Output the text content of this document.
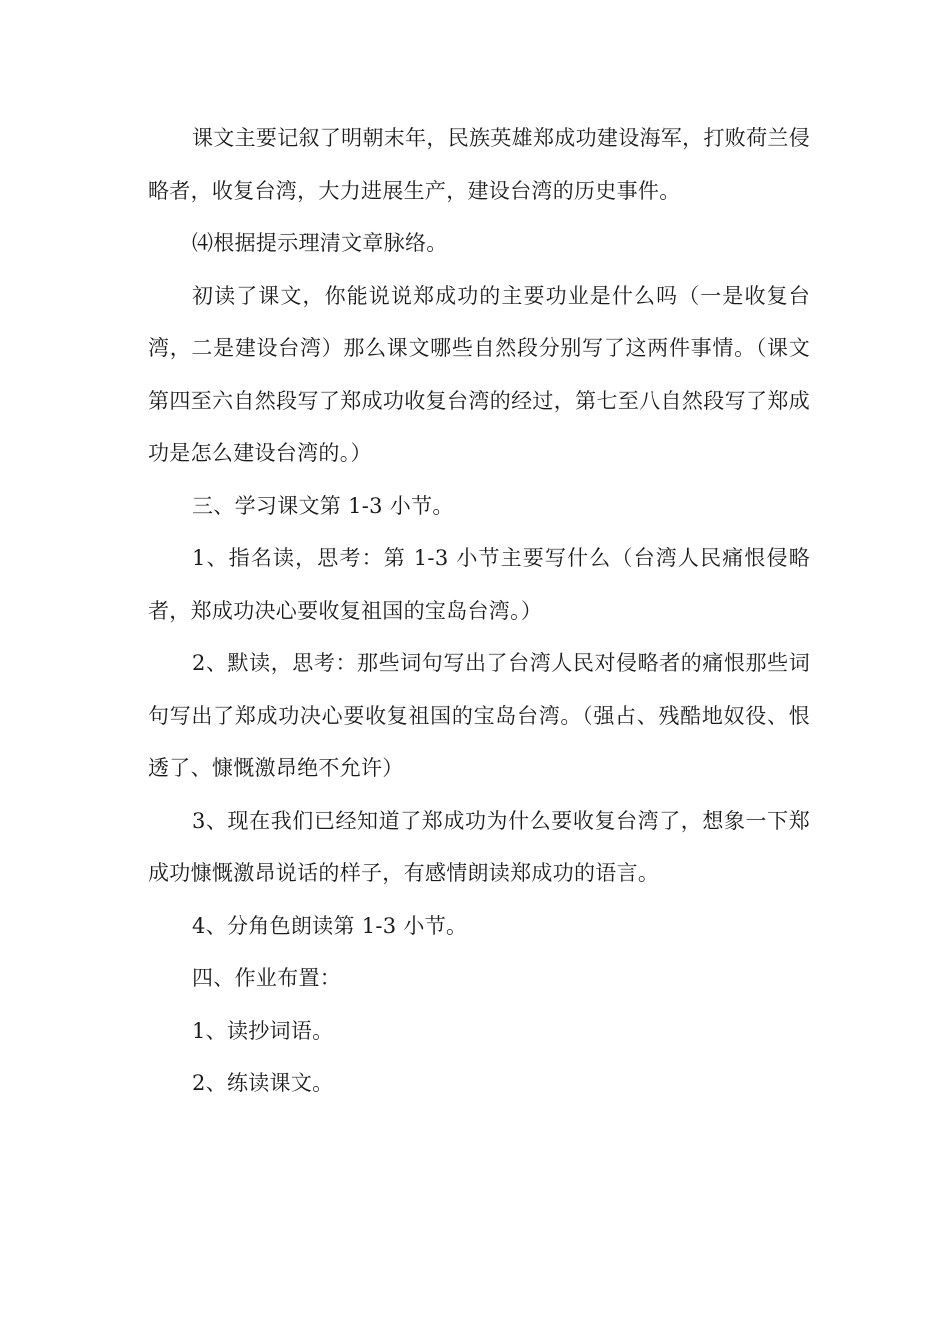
课文主要记叙了明朝末年，民族英雄郑成功建设海军，打败荷兰侵略者，收复台湾，大力进展生产，建设台湾的历史事件。

⑷根据提示理清文章脉络。

初读了课文，你能说说郑成功的主要功业是什么吗（一是收复台湾，二是建设台湾）那么课文哪些自然段分别写了这两件事情。（课文第四至六自然段写了郑成功收复台湾的经过，第七至八自然段写了郑成功是怎么建设台湾的。）

三、学习课文第 1-3 小节。

1、指名读，思考：第 1-3 小节主要写什么（台湾人民痛恨侵略者，郑成功决心要收复祖国的宝岛台湾。）

2、默读，思考：那些词句写出了台湾人民对侵略者的痛恨那些词句写出了郑成功决心要收复祖国的宝岛台湾。（强占、残酷地奴役、恨透了、慷慨激昂绝不允许）

3、现在我们已经知道了郑成功为什么要收复台湾了，想象一下郑成功慷慨激昂说话的样子，有感情朗读郑成功的语言。

4、分角色朗读第 1-3 小节。

四、作业布置：

1、读抄词语。

2、练读课文。
